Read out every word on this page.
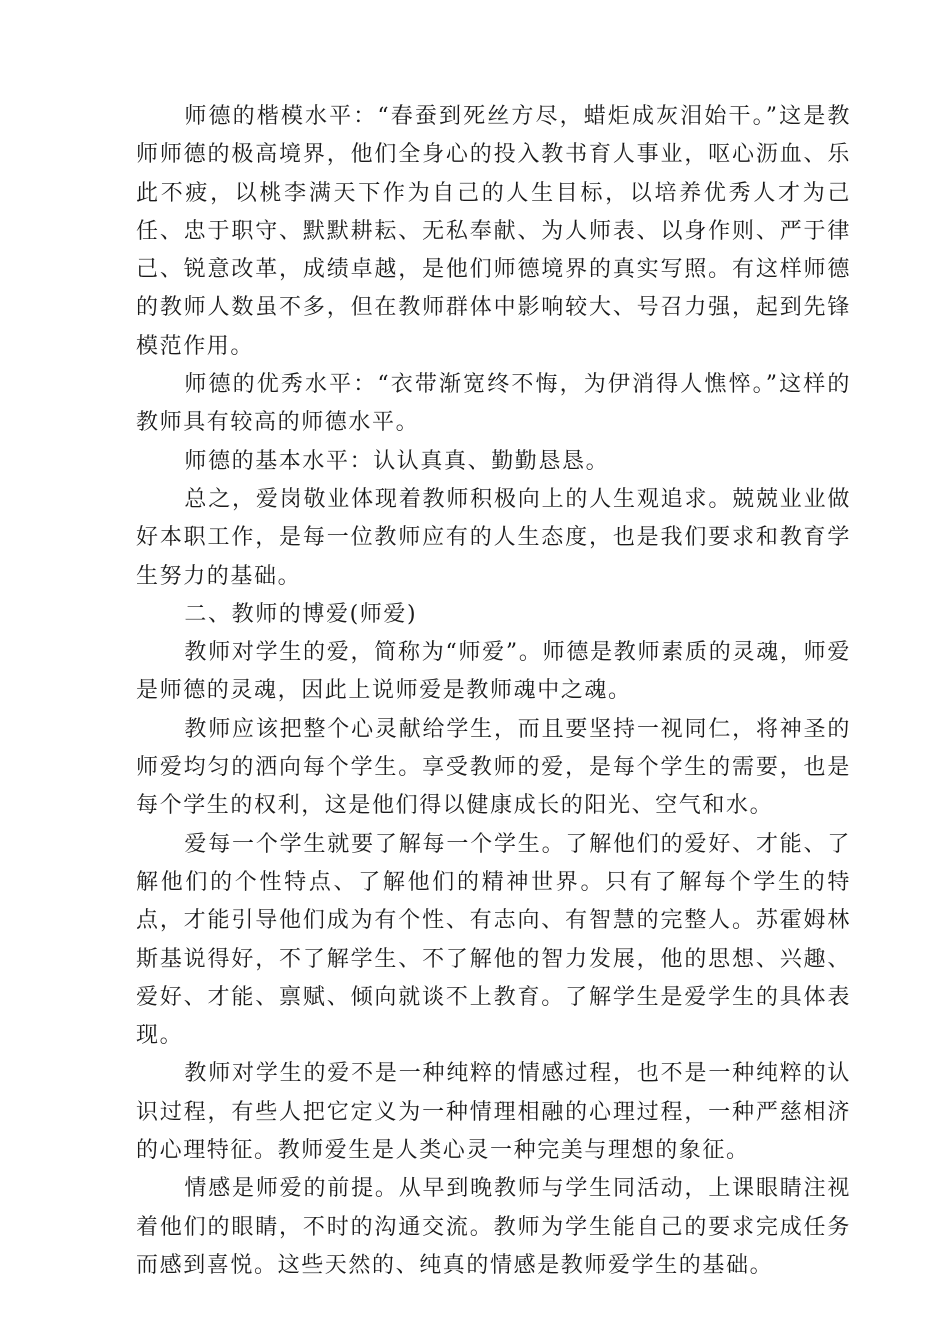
师德的楷模水平：“春蚕到死丝方尽，蜡炬成灰泪始干。”这是教师师德的极高境界，他们全身心的投入教书育人事业，呕心沥血、乐此不疲，以桃李满天下作为自己的人生目标，以培养优秀人才为己任、忠于职守、默默耕耘、无私奉献、为人师表、以身作则、严于律己、锐意改革，成绩卓越，是他们师德境界的真实写照。有这样师德的教师人数虽不多，但在教师群体中影响较大、号召力强，起到先锋模范作用。

师德的优秀水平：“衣带渐宽终不悔，为伊消得人憔悴。”这样的教师具有较高的师德水平。

师德的基本水平：认认真真、勤勤恳恳。

总之，爱岗敬业体现着教师积极向上的人生观追求。兢兢业业做好本职工作，是每一位教师应有的人生态度，也是我们要求和教育学生努力的基础。

二、教师的博爱(师爱)

教师对学生的爱，简称为“师爱”。师德是教师素质的灵魂，师爱是师德的灵魂，因此上说师爱是教师魂中之魂。

教师应该把整个心灵献给学生，而且要坚持一视同仁，将神圣的师爱均匀的洒向每个学生。享受教师的爱，是每个学生的需要，也是每个学生的权利，这是他们得以健康成长的阳光、空气和水。

爱每一个学生就要了解每一个学生。了解他们的爱好、才能、了解他们的个性特点、了解他们的精神世界。只有了解每个学生的特点，才能引导他们成为有个性、有志向、有智慧的完整人。苏霍姆林斯基说得好，不了解学生、不了解他的智力发展，他的思想、兴趣、爱好、才能、禀赋、倾向就谈不上教育。了解学生是爱学生的具体表现。

教师对学生的爱不是一种纯粹的情感过程，也不是一种纯粹的认识过程，有些人把它定义为一种情理相融的心理过程，一种严慈相济的心理特征。教师爱生是人类心灵一种完美与理想的象征。

情感是师爱的前提。从早到晚教师与学生同活动，上课眼睛注视着他们的眼睛，不时的沟通交流。教师为学生能自己的要求完成任务而感到喜悦。这些天然的、纯真的情感是教师爱学生的基础。
